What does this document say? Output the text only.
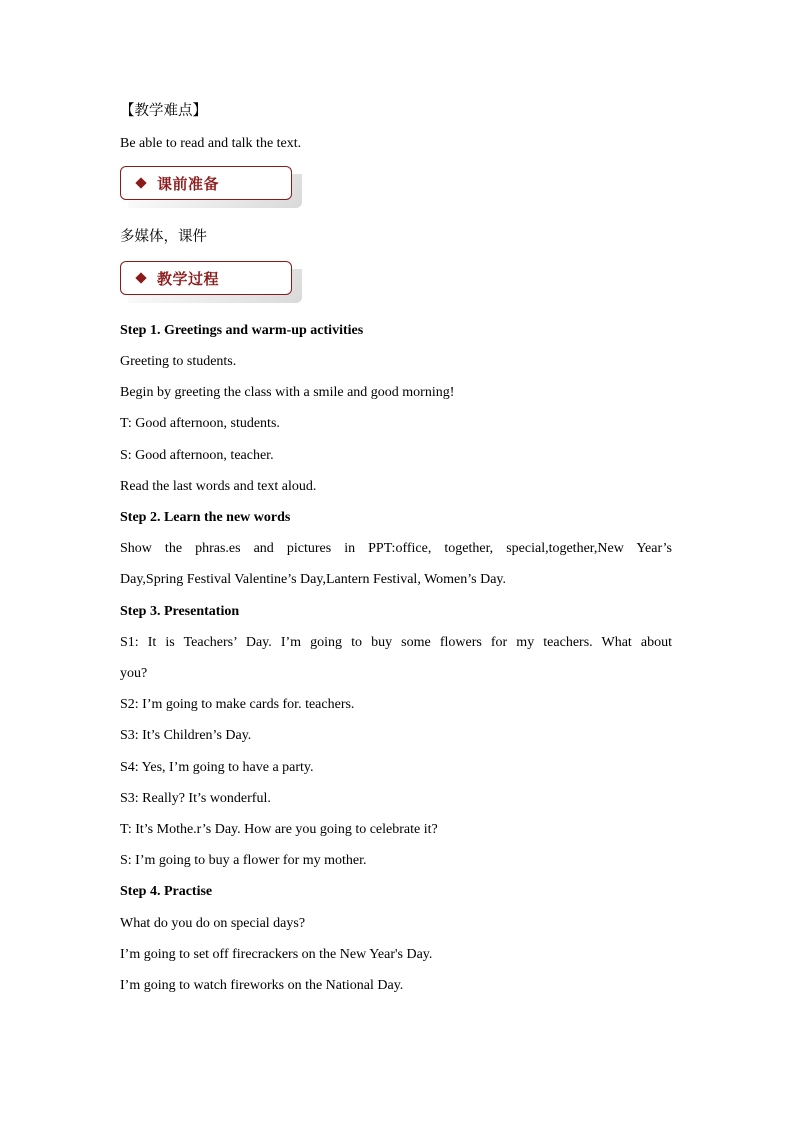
【教学难点】
Be able to read and talk the text.
课前准备
多媒体，课件
教学过程
Step 1. Greetings and warm-up activities
Greeting to students.
Begin by greeting the class with a smile and good morning!
T: Good afternoon, students.
S: Good afternoon, teacher.
Read the last words and text aloud.
Step 2. Learn the new words
Show the phras.es and pictures in PPT:office, together, special,together,New Year’s
Day,Spring Festival Valentine’s Day,Lantern Festival, Women’s Day.
Step 3. Presentation
S1: It is Teachers’ Day. I’m going to buy some flowers for my teachers. What about
you?
S2: I’m going to make cards for. teachers.
S3: It’s Children’s Day.
S4: Yes, I’m going to have a party.
S3: Really? It’s wonderful.
T: It’s Mothe.r’s Day. How are you going to celebrate it?
S: I’m going to buy a flower for my mother.
Step 4. Practise
What do you do on special days?
I’m going to set off firecrackers on the New Year's Day.
I’m going to watch fireworks on the National Day.
